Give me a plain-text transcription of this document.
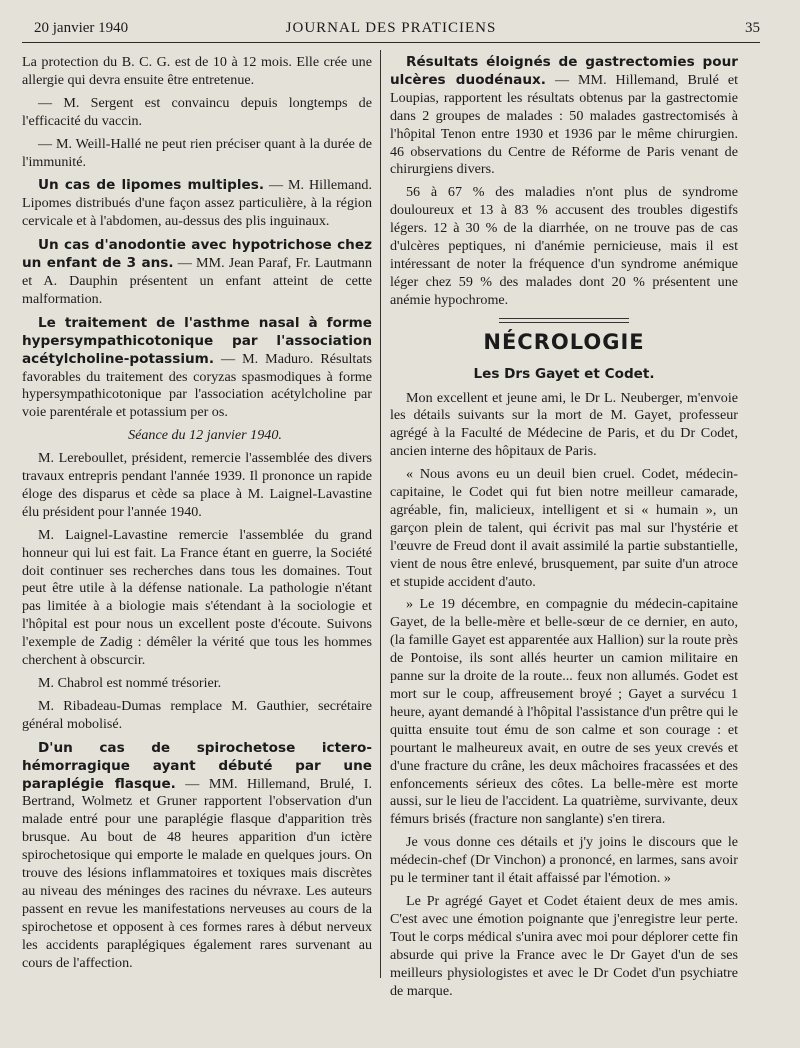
20 janvier 1940	JOURNAL DES PRATICIENS	35

La protection du B. C. G. est de 10 à 12 mois. Elle crée une allergie qui devra ensuite être entretenue.

— M. Sergent est convaincu depuis longtemps de l'efficacité du vaccin.

— M. Weill-Hallé ne peut rien préciser quant à la durée de l'immunité.

Un cas de lipomes multiples. — M. Hillemand. Lipomes distribués d'une façon assez particulière, à la région cervicale et à l'abdomen, au-dessus des plis inguinaux.

Un cas d'anodontie avec hypotrichose chez un enfant de 3 ans. — MM. Jean Paraf, Fr. Lautmann et A. Dauphin présentent un enfant atteint de cette malformation.

Le traitement de l'asthme nasal à forme hypersympathicotonique par l'association acétylcholine-potassium. — M. Maduro. Résultats favorables du traitement des coryzas spasmodiques à forme hypersympathicotonique par l'association acétylcholine par voie parentérale et potassium per os.

Séance du 12 janvier 1940.

M. Lereboullet, président, remercie l'assemblée des divers travaux entrepris pendant l'année 1939. Il prononce un rapide éloge des disparus et cède sa place à M. Laignel-Lavastine élu président pour l'année 1940.

M. Laignel-Lavastine remercie l'assemblée du grand honneur qui lui est fait. La France étant en guerre, la Société doit continuer ses recherches dans tous les domaines. Tout peut être utile à la défense nationale. La pathologie n'étant pas limitée à a biologie mais s'étendant à la sociologie et l'hôpital est pour nous un excellent poste d'écoute. Suivons l'exemple de Zadig : démêler la vérité que tous les hommes cherchent à obscurcir.

M. Chabrol est nommé trésorier.

M. Ribadeau-Dumas remplace M. Gauthier, secrétaire général mobolisé.

D'un cas de spirochetose ictero-hémorragique ayant débuté par une paraplégie flasque. — MM. Hillemand, Brulé, I. Bertrand, Wolmetz et Gruner rapportent l'observation d'un malade entré pour une paraplégie flasque d'apparition très brusque. Au bout de 48 heures apparition d'un ictère spirochetosique qui emporte le malade en quelques jours. On trouve des lésions inflammatoires et toxiques mais discrètes au niveau des méninges des racines du névraxe. Les auteurs passent en revue les manifestations nerveuses au cours de la spirochetose et opposent à ces formes rares à début nerveux les accidents paraplégiques également rares survenant au cours de l'affection.

Résultats éloignés de gastrectomies pour ulcères duodénaux. — MM. Hillemand, Brulé et Loupias, rapportent les résultats obtenus par la gastrectomie dans 2 groupes de malades : 50 malades gastrectomisés à l'hôpital Tenon entre 1930 et 1936 par le même chirurgien. 46 observations du Centre de Réforme de Paris venant de chirurgiens divers.

56 à 67 % des maladies n'ont plus de syndrome douloureux et 13 à 83 % accusent des troubles digestifs légers. 12 à 30 % de la diarrhée, on ne trouve pas de cas d'ulcères peptiques, ni d'anémie pernicieuse, mais il est intéressant de noter la fréquence d'un syndrome anémique léger chez 59 % des malades dont 20 % présentent une anémie hypochrome.

NÉCROLOGIE
Les Drs Gayet et Codet.

Mon excellent et jeune ami, le Dr L. Neuberger, m'envoie les détails suivants sur la mort de M. Gayet, professeur agrégé à la Faculté de Médecine de Paris, et du Dr Codet, ancien interne des hôpitaux de Paris.

« Nous avons eu un deuil bien cruel. Codet, médecin-capitaine, le Codet qui fut bien notre meilleur camarade, agréable, fin, malicieux, intelligent et si « humain », un garçon plein de talent, qui écrivit pas mal sur l'hystérie et l'œuvre de Freud dont il avait assimilé la partie substantielle, vient de nous être enlevé, brusquement, par suite d'un atroce et stupide accident d'auto.

» Le 19 décembre, en compagnie du médecin-capitaine Gayet, de la belle-mère et belle-sœur de ce dernier, en auto, (la famille Gayet est apparentée aux Hallion) sur la route près de Pontoise, ils sont allés heurter un camion militaire en panne sur la droite de la route... feux non allumés. Godet est mort sur le coup, affreusement broyé ; Gayet a survécu 1 heure, ayant demandé à l'hôpital l'assistance d'un prêtre qui le quitta ensuite tout ému de son calme et son courage : et pourtant le malheureux avait, en outre de ses yeux crevés et d'une fracture du crâne, les deux mâchoires fracassées et des enfoncements sérieux des côtes. La belle-mère est morte aussi, sur le lieu de l'accident. La quatrième, survivante, deux fémurs brisés (fracture non sanglante) s'en tirera.

Je vous donne ces détails et j'y joins le discours que le médecin-chef (Dr Vinchon) a prononcé, en larmes, sans avoir pu le terminer tant il était affaissé par l'émotion. »

Le Pr agrégé Gayet et Codet étaient deux de mes amis. C'est avec une émotion poignante que j'enregistre leur perte. Tout le corps médical s'unira avec moi pour déplorer cette fin absurde qui prive la France avec le Dr Gayet d'un de ses meilleurs physiologistes et avec le Dr Codet d'un psychiatre de marque.
